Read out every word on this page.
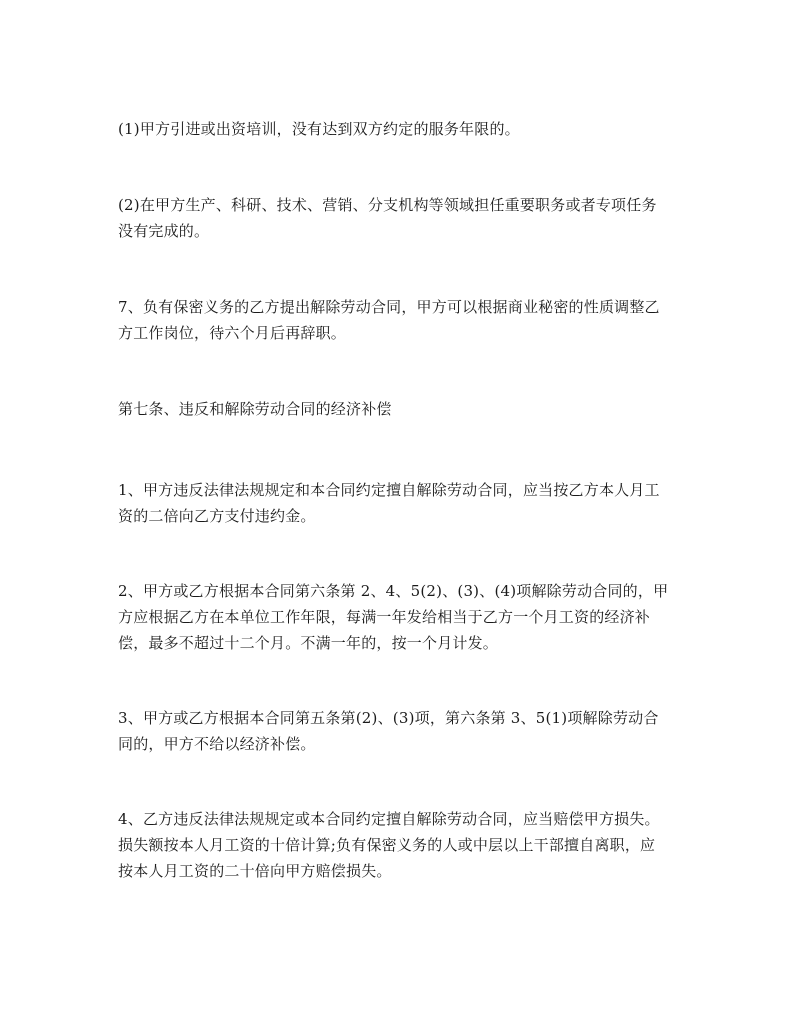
(1)甲方引进或出资培训，没有达到双方约定的服务年限的。

(2)在甲方生产、科研、技术、营销、分支机构等领域担任重要职务或者专项任务
没有完成的。

7、负有保密义务的乙方提出解除劳动合同，甲方可以根据商业秘密的性质调整乙
方工作岗位，待六个月后再辞职。

第七条、违反和解除劳动合同的经济补偿

1、甲方违反法律法规规定和本合同约定擅自解除劳动合同，应当按乙方本人月工
资的二倍向乙方支付违约金。

2、甲方或乙方根据本合同第六条第 2、4、5(2)、(3)、(4)项解除劳动合同的，甲
方应根据乙方在本单位工作年限，每满一年发给相当于乙方一个月工资的经济补
偿，最多不超过十二个月。不满一年的，按一个月计发。

3、甲方或乙方根据本合同第五条第(2)、(3)项，第六条第 3、5(1)项解除劳动合
同的，甲方不给以经济补偿。

4、乙方违反法律法规规定或本合同约定擅自解除劳动合同，应当赔偿甲方损失。
损失额按本人月工资的十倍计算;负有保密义务的人或中层以上干部擅自离职，应
按本人月工资的二十倍向甲方赔偿损失。
